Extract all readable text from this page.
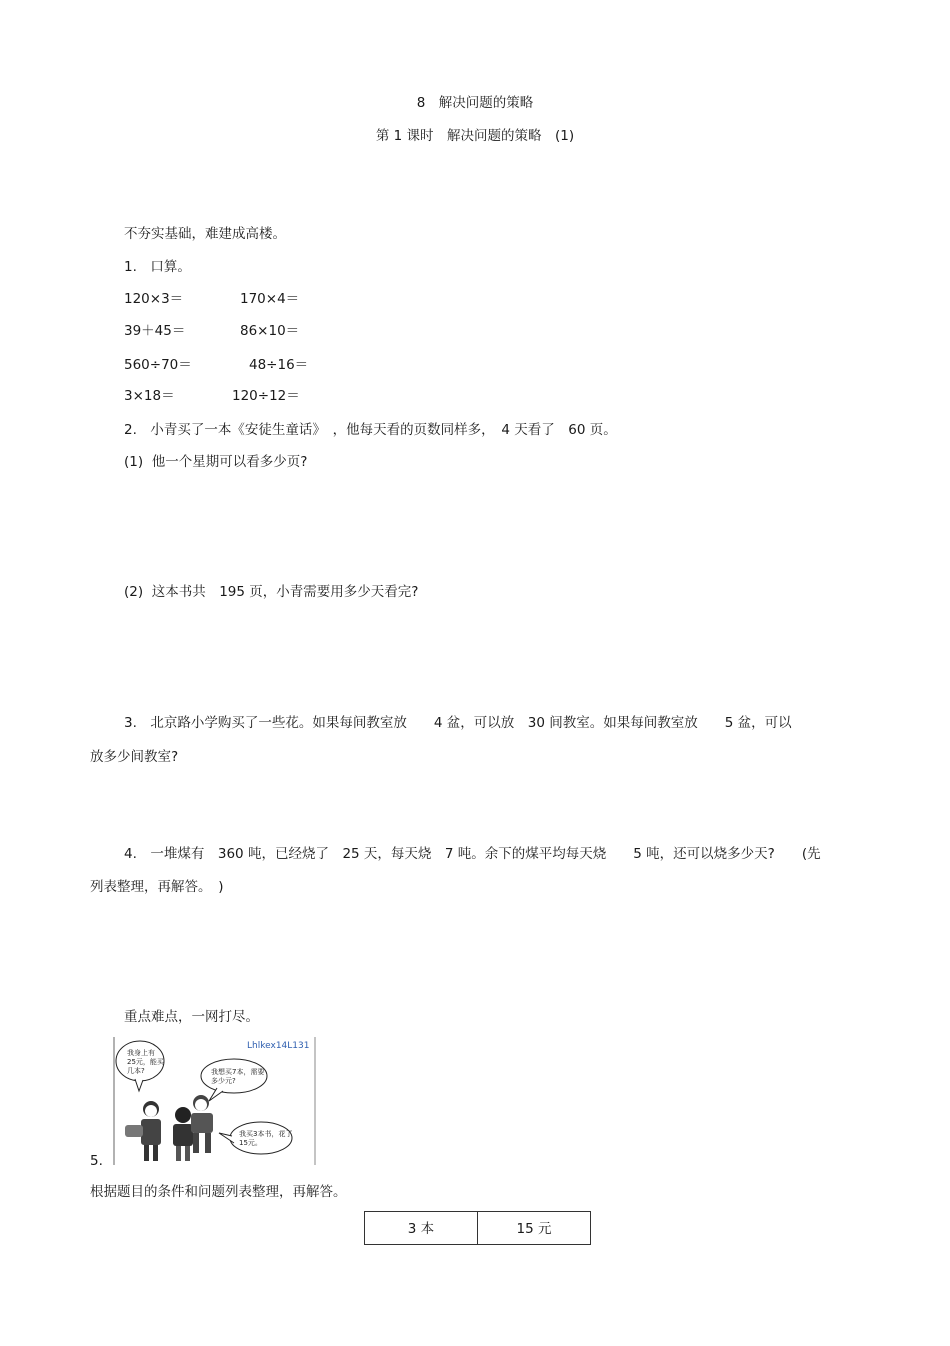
8　解决问题的策略
第 1 课时　解决问题的策略　(1)
不夯实基础，难建成高楼。
1.　口算。
120×3＝	170×4＝
39＋45＝	86×10＝
560÷70＝	48÷16＝
3×18＝	120÷12＝
2.　小青买了一本《安徒生童话》　，他每天看的页数同样多，　4 天看了　60 页。
(1)  他一个星期可以看多少页?
(2)  这本书共　195 页，小青需要用多少天看完?
3.　北京路小学购买了一些花。如果每间教室放　　4 盆，可以放　30 间教室。如果每间教室放　　5 盆，可以
放多少间教室?
4.　一堆煤有　360 吨，已经烧了　25 天，每天烧　7 吨。余下的煤平均每天烧　　5 吨，还可以烧多少天?　　(先
列表整理，再解答。　)
重点难点，一网打尽。
Lhlkex14L131
我身上有
25元，能买
几本?	我想买7本，需要
多少元?
我买3本书，花了
15元。
5.
根据题目的条件和问题列表整理，再解答。
3 本	15 元
